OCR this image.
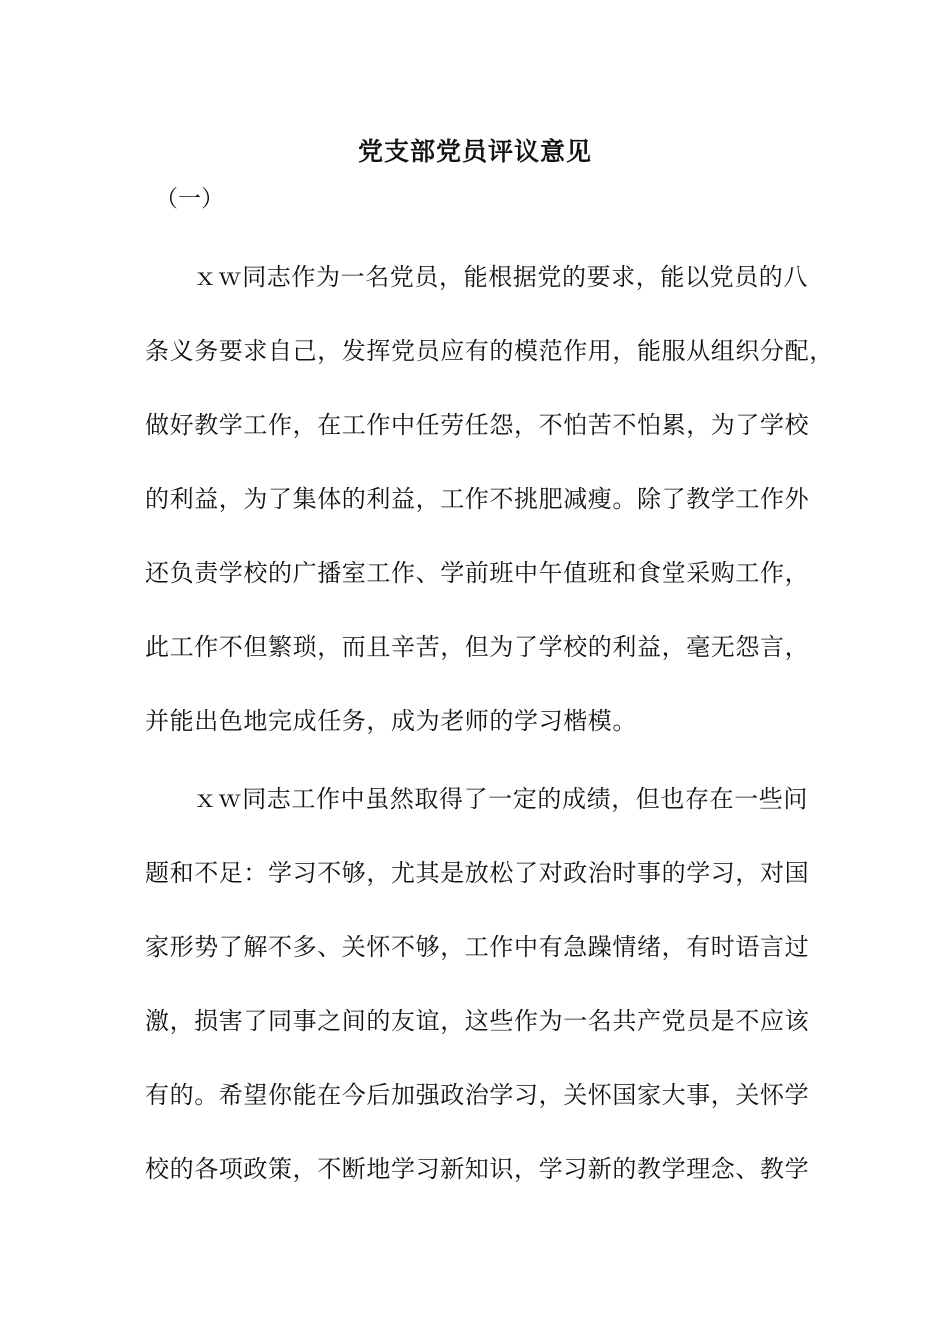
党支部党员评议意见
（一）
ｘｗ同志作为一名党员，能根据党的要求，能以党员的八
条义务要求自己，发挥党员应有的模范作用，能服从组织分配，
做好教学工作，在工作中任劳任怨，不怕苦不怕累，为了学校
的利益，为了集体的利益，工作不挑肥减瘦。除了教学工作外
还负责学校的广播室工作、学前班中午值班和食堂采购工作，
此工作不但繁琐，而且辛苦，但为了学校的利益，毫无怨言，
并能出色地完成任务，成为老师的学习楷模。
ｘｗ同志工作中虽然取得了一定的成绩，但也存在一些问
题和不足：学习不够，尤其是放松了对政治时事的学习，对国
家形势了解不多、关怀不够，工作中有急躁情绪，有时语言过
激，损害了同事之间的友谊，这些作为一名共产党员是不应该
有的。希望你能在今后加强政治学习，关怀国家大事，关怀学
校的各项政策，不断地学习新知识，学习新的教学理念、教学
